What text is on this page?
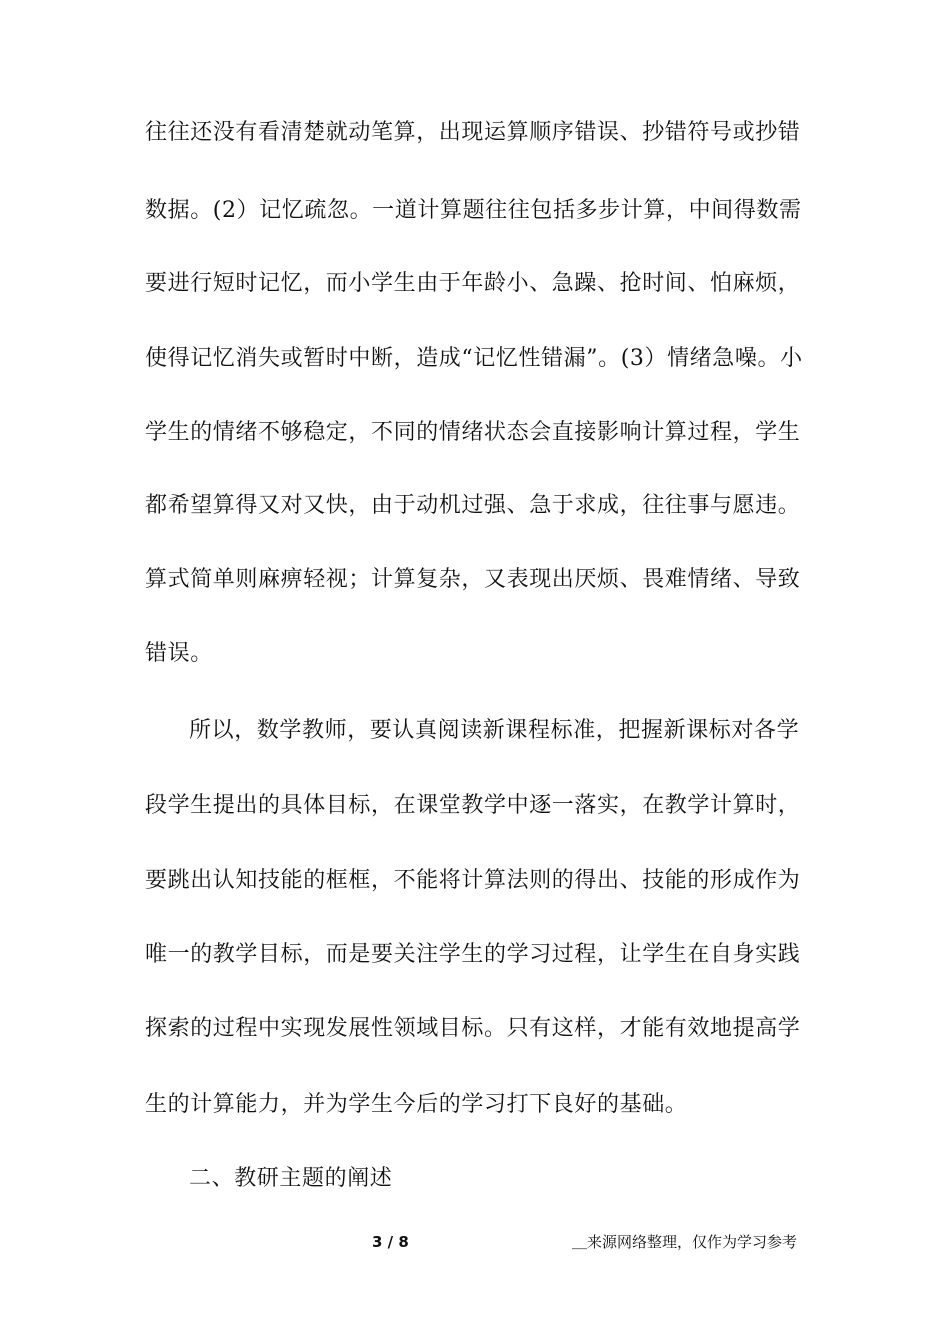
往往还没有看清楚就动笔算，出现运算顺序错误、抄错符号或抄错
数据。(2）记忆疏忽。一道计算题往往包括多步计算，中间得数需
要进行短时记忆，而小学生由于年龄小、急躁、抢时间、怕麻烦，
使得记忆消失或暂时中断，造成“记忆性错漏”。(3）情绪急噪。小
学生的情绪不够稳定，不同的情绪状态会直接影响计算过程，学生
都希望算得又对又快，由于动机过强、急于求成，往往事与愿违。
算式简单则麻痹轻视；计算复杂，又表现出厌烦、畏难情绪、导致
错误。
所以，数学教师，要认真阅读新课程标准，把握新课标对各学
段学生提出的具体目标，在课堂教学中逐一落实，在教学计算时，
要跳出认知技能的框框，不能将计算法则的得出、技能的形成作为
唯一的教学目标，而是要关注学生的学习过程，让学生在自身实践
探索的过程中实现发展性领域目标。只有这样，才能有效地提高学
生的计算能力，并为学生今后的学习打下良好的基础。
二、教研主题的阐述
3 / 8	＿来源网络整理，仅作为学习参考
